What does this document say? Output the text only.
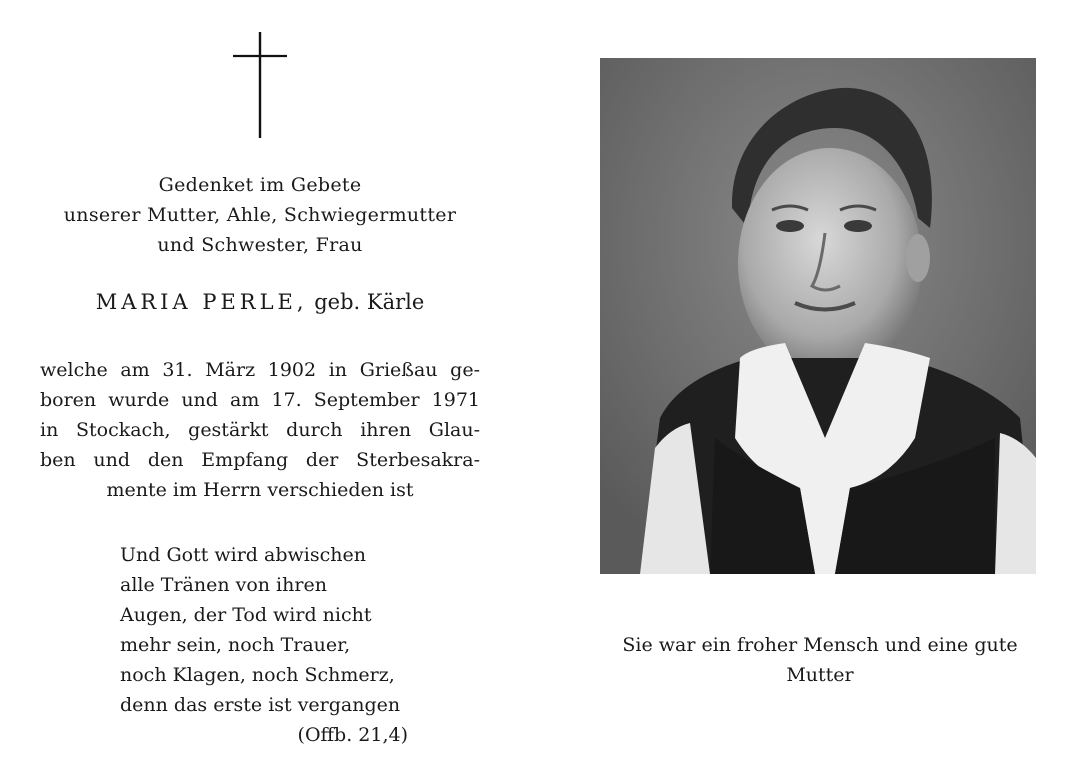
Gedenket im Gebete
unserer Mutter, Ahle, Schwiegermutter
und Schwester, Frau
MARIA PERLE, geb. Kärle
welche am 31. März 1902 in Grießau ge-
boren wurde und am 17. September 1971
in Stockach, gestärkt durch ihren Glau-
ben und den Empfang der Sterbesakra-
mente im Herrn verschieden ist
Und Gott wird abwischen
alle Tränen von ihren
Augen, der Tod wird nicht
mehr sein, noch Trauer,
noch Klagen, noch Schmerz,
denn das erste ist vergangen
(Offb. 21,4)
Sie war ein froher Mensch und eine gute
Mutter
